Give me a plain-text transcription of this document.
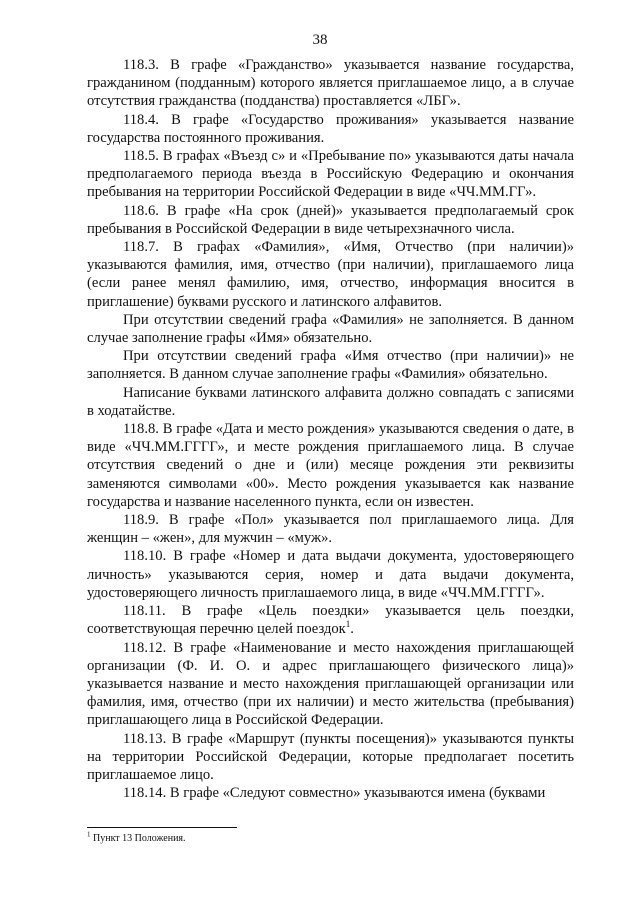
38

118.3. В графе «Гражданство» указывается название государства, гражданином (подданным) которого является приглашаемое лицо, а в случае отсутствия гражданства (подданства) проставляется «ЛБГ».

118.4. В графе «Государство проживания» указывается название государства постоянного проживания.

118.5. В графах «Въезд с» и «Пребывание по» указываются даты начала предполагаемого периода въезда в Российскую Федерацию и окончания пребывания на территории Российской Федерации в виде «ЧЧ.ММ.ГГ».

118.6. В графе «На срок (дней)» указывается предполагаемый срок пребывания в Российской Федерации в виде четырехзначного числа.

118.7. В графах «Фамилия», «Имя, Отчество (при наличии)» указываются фамилия, имя, отчество (при наличии), приглашаемого лица (если ранее менял фамилию, имя, отчество, информация вносится в приглашение) буквами русского и латинского алфавитов.

При отсутствии сведений графа «Фамилия» не заполняется. В данном случае заполнение графы «Имя» обязательно.

При отсутствии сведений графа «Имя отчество (при наличии)» не заполняется. В данном случае заполнение графы «Фамилия» обязательно.

Написание буквами латинского алфавита должно совпадать с записями в ходатайстве.

118.8. В графе «Дата и место рождения» указываются сведения о дате, в виде «ЧЧ.ММ.ГГГГ», и месте рождения приглашаемого лица. В случае отсутствия сведений о дне и (или) месяце рождения эти реквизиты заменяются символами «00». Место рождения указывается как название государства и название населенного пункта, если он известен.

118.9. В графе «Пол» указывается пол приглашаемого лица. Для женщин – «жен», для мужчин – «муж».

118.10. В графе «Номер и дата выдачи документа, удостоверяющего личность» указываются серия, номер и дата выдачи документа, удостоверяющего личность приглашаемого лица, в виде «ЧЧ.ММ.ГГГГ».

118.11. В графе «Цель поездки» указывается цель поездки, соответствующая перечню целей поездок$^1$.

118.12. В графе «Наименование и место нахождения приглашающей организации (Ф. И. О. и адрес приглашающего физического лица)» указывается название и место нахождения приглашающей организации или фамилия, имя, отчество (при их наличии) и место жительства (пребывания) приглашающего лица в Российской Федерации.

118.13. В графе «Маршрут (пункты посещения)» указываются пункты на территории Российской Федерации, которые предполагает посетить приглашаемое лицо.

118.14. В графе «Следуют совместно» указываются имена (буквами

$^1$ Пункт 13 Положения.
